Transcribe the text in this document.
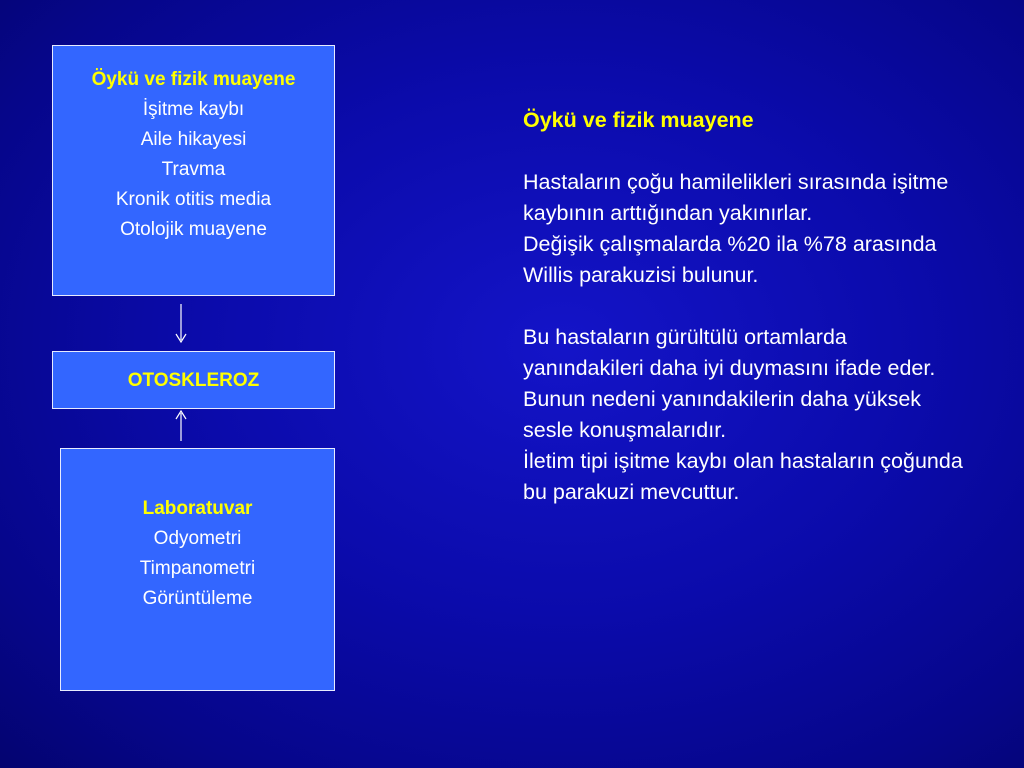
Öykü ve fizik muayene
İşitme kaybı
Aile hikayesi
Travma
Kronik otitis media
Otolojik muayene
OTOSKLEROZ
Laboratuvar
Odyometri
Timpanometri
Görüntüleme
Öykü ve fizik muayene

Hastaların çoğu hamilelikleri sırasında işitme kaybının arttığından yakınırlar.

Değişik çalışmalarda %20 ila %78 arasında Willis parakuzisi bulunur.

Bu hastaların gürültülü ortamlarda yanındakileri daha iyi duymasını ifade eder.

Bunun nedeni yanındakilerin daha yüksek sesle konuşmalarıdır.

İletim tipi işitme kaybı olan hastaların çoğunda bu parakuzi mevcuttur.
